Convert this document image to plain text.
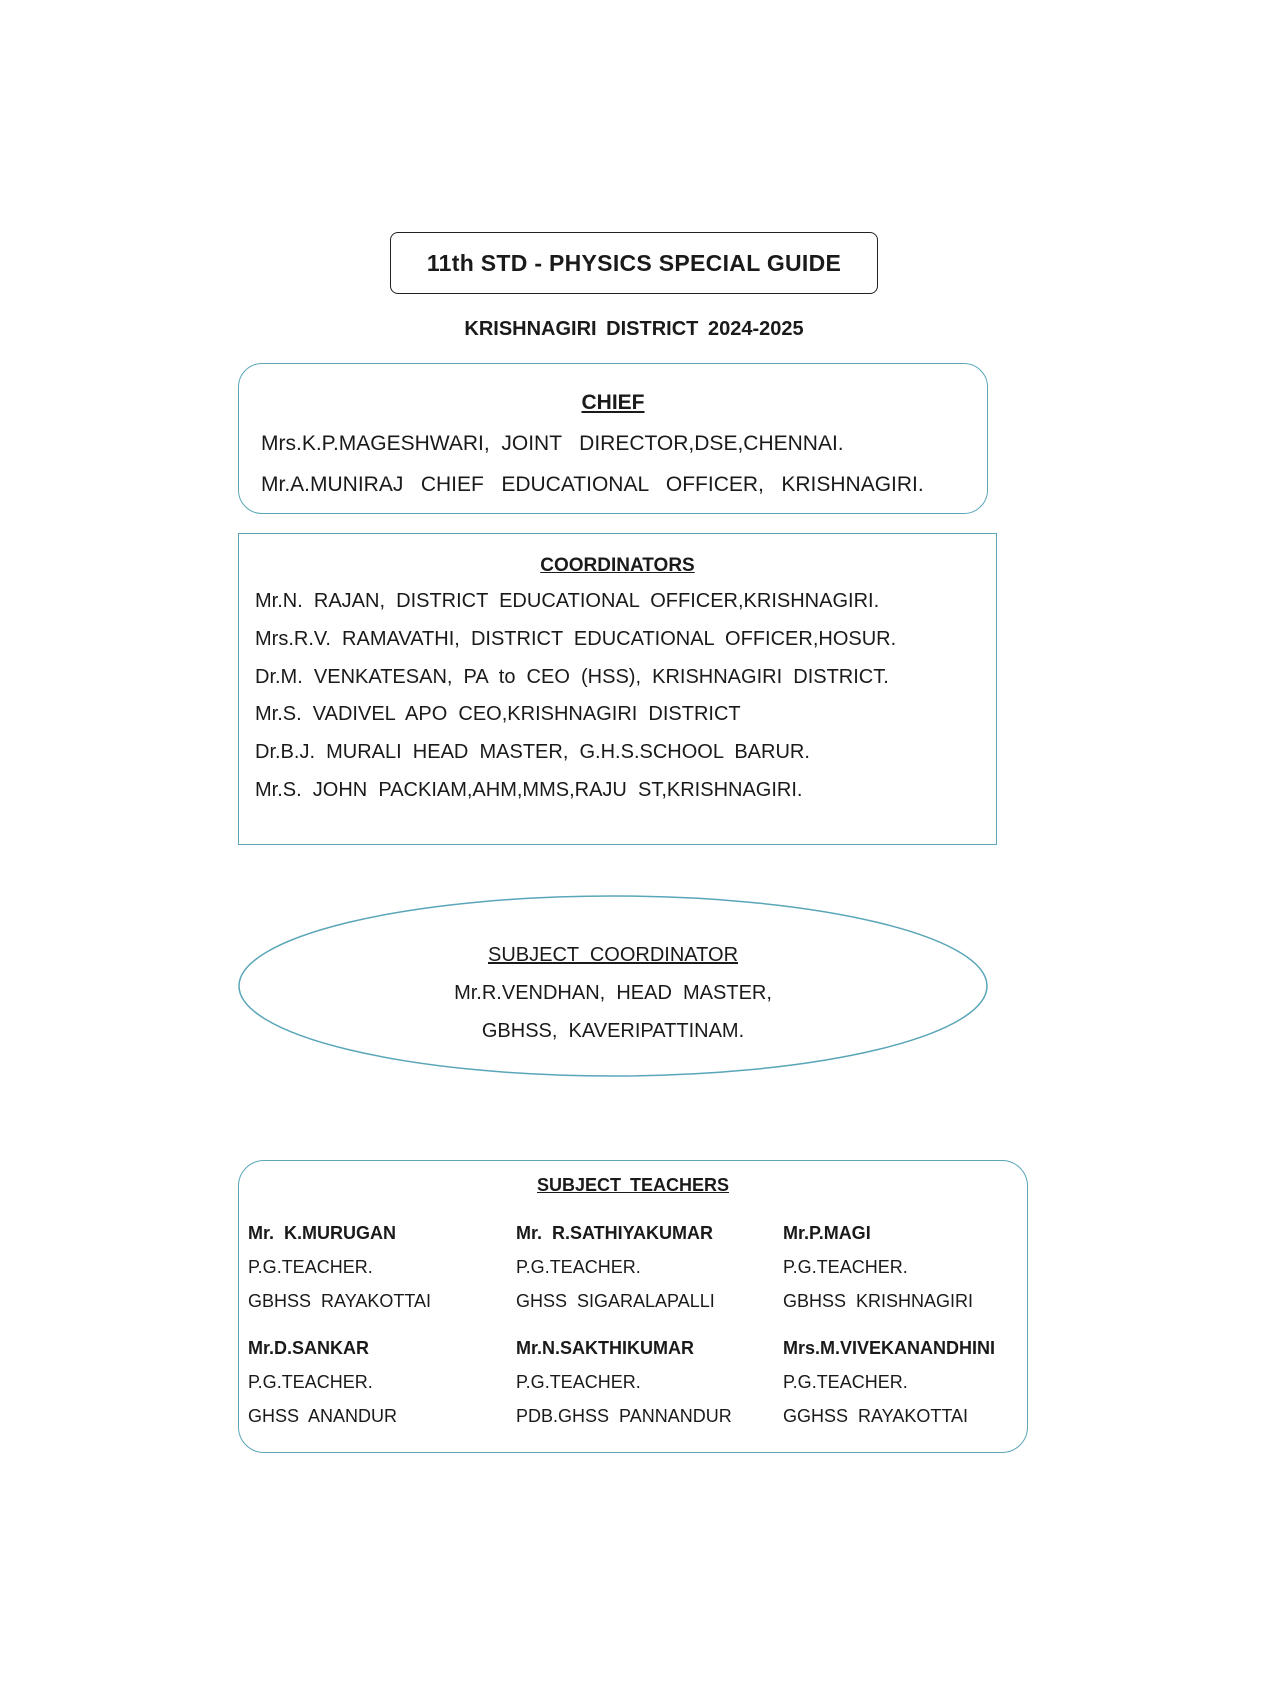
11th STD - PHYSICS SPECIAL GUIDE
KRISHNAGIRI DISTRICT 2024-2025
CHIEF
Mrs.K.P.MAGESHWARI,  JOINT   DIRECTOR,DSE,CHENNAI.
Mr.A.MUNIRAJ   CHIEF   EDUCATIONAL   OFFICER,   KRISHNAGIRI.
COORDINATORS
Mr.N.  RAJAN,  DISTRICT  EDUCATIONAL  OFFICER,KRISHNAGIRI.
Mrs.R.V.  RAMAVATHI,  DISTRICT  EDUCATIONAL  OFFICER,HOSUR.
Dr.M.  VENKATESAN,  PA  to  CEO  (HSS),  KRISHNAGIRI  DISTRICT.
Mr.S.  VADIVEL  APO  CEO,KRISHNAGIRI  DISTRICT
Dr.B.J.  MURALI  HEAD  MASTER,  G.H.S.SCHOOL  BARUR.
Mr.S.  JOHN  PACKIAM,AHM,MMS,RAJU  ST,KRISHNAGIRI.
SUBJECT  COORDINATOR
Mr.R.VENDHAN,  HEAD  MASTER,
GBHSS,  KAVERIPATTINAM.
SUBJECT TEACHERS
Mr.  K.MURUGAN
P.G.TEACHER.
GBHSS  RAYAKOTTAI
Mr.  R.SATHIYAKUMAR
P.G.TEACHER.
GHSS  SIGARALAPALLI
Mr.P.MAGI
P.G.TEACHER.
GBHSS  KRISHNAGIRI
Mr.D.SANKAR
P.G.TEACHER.
GHSS  ANANDUR
Mr.N.SAKTHIKUMAR
P.G.TEACHER.
PDB.GHSS  PANNANDUR
Mrs.M.VIVEKANANDHINI
P.G.TEACHER.
GGHSS  RAYAKOTTAI
